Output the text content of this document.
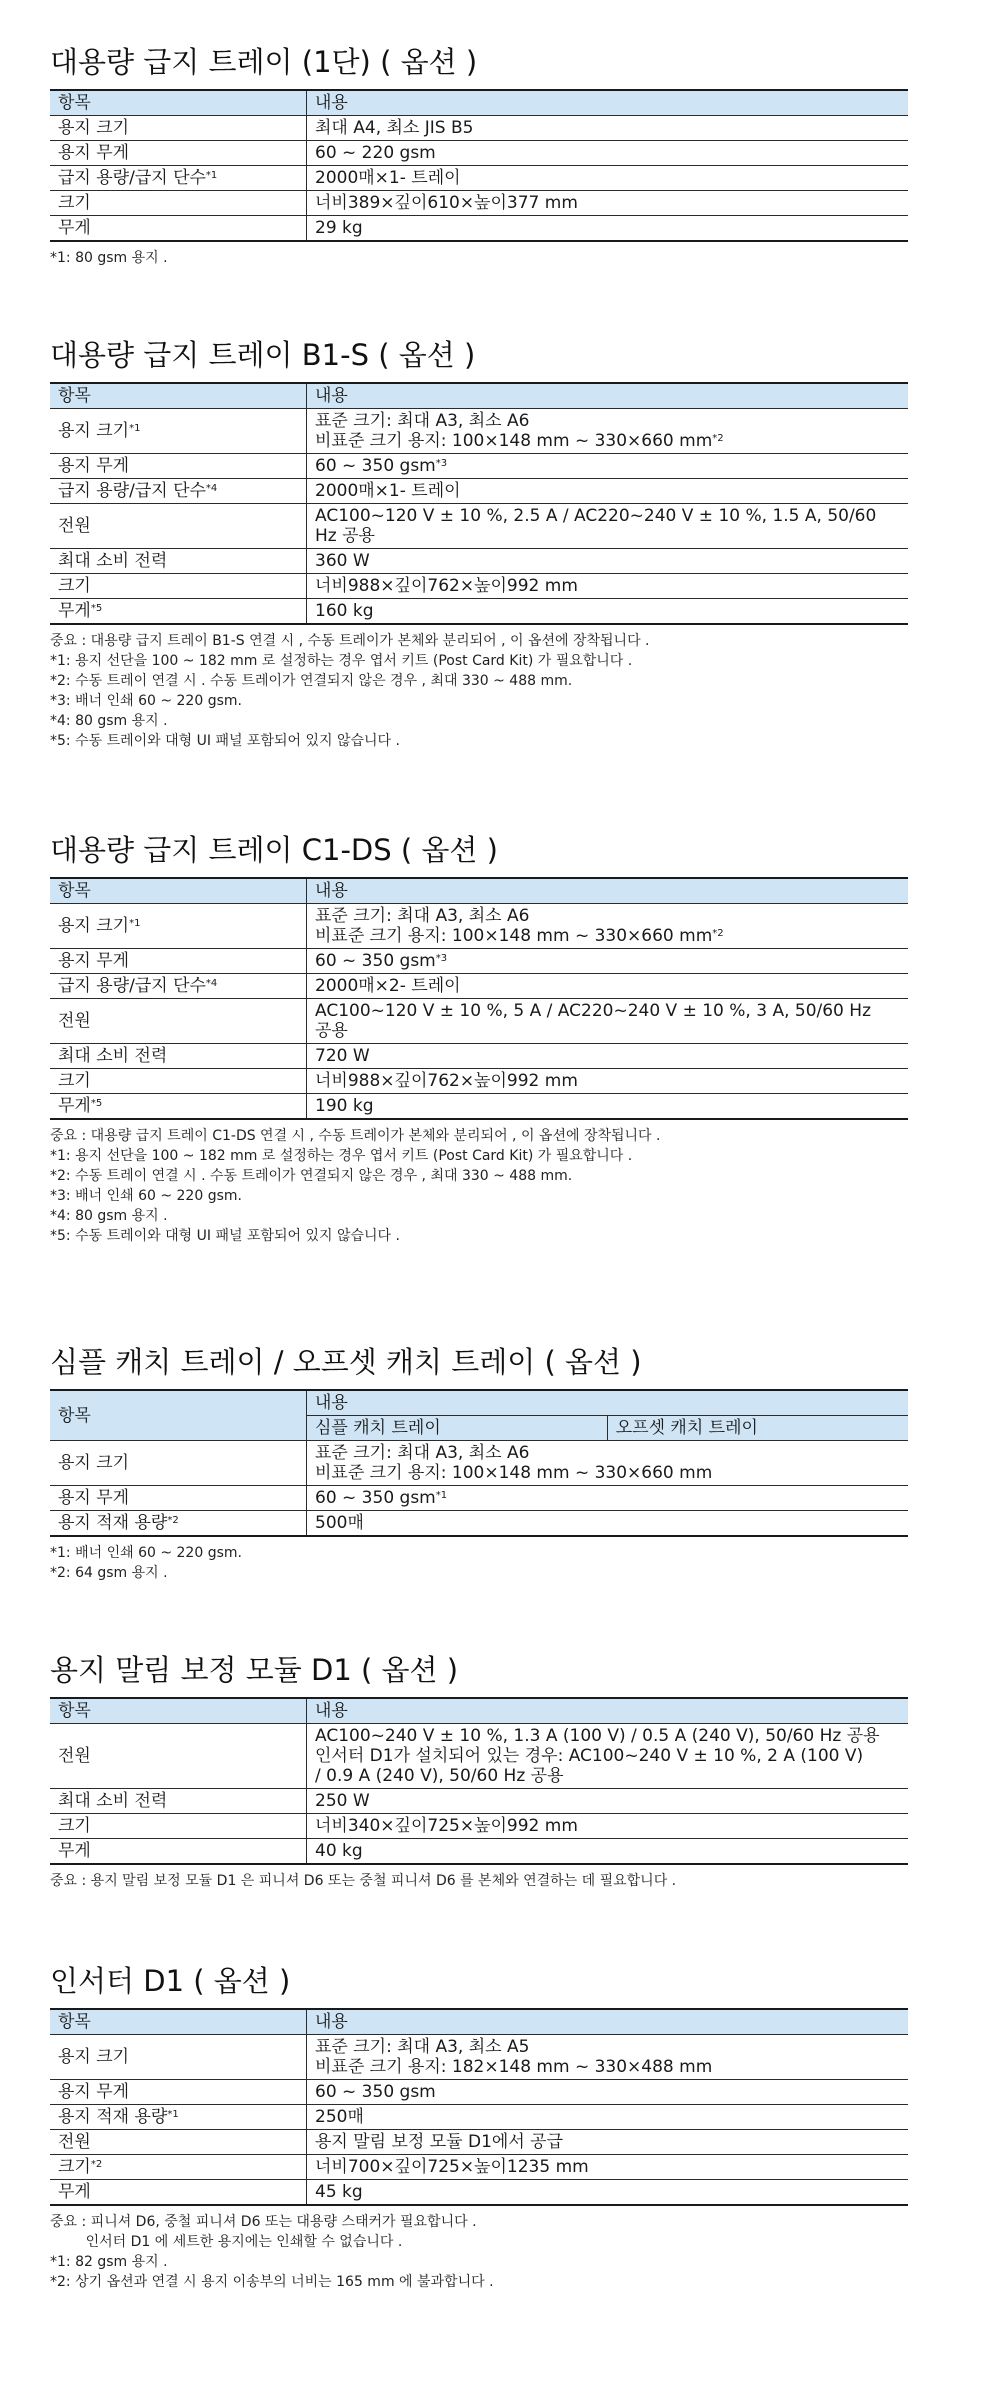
대용량 급지 트레이 (1단) ( 옵션 )
항목	내용
용지 크기	최대 A4, 최소 JIS B5
용지 무게	60 ~ 220 gsm
급지 용량/급지 단수$^{*1}$	2000매×1- 트레이
크기	너비389×깊이610×높이377 mm
무게	29 kg
*1: 80 gsm 용지 .
대용량 급지 트레이 B1-S ( 옵션 )
항목	내용
용지 크기$^{*1}$	표준 크기: 최대 A3, 최소 A6
비표준 크기 용지: 100×148 mm ~ 330×660 $mm^{*2}$

용지 무게	60 ~ 350 gsm$^{*3}$
급지 용량/급지 단수$^{*4}$	2000매×1- 트레이
전원	AC100~120 V ± 10 %, 2.5 A / AC220~240 V ± 10 %, 1.5 A, 50/60
Hz 공용

최대 소비 전력	360 W
크기	너비988×깊이762×높이992 mm
무게$^{*5}$	160 kg
중요 : 대용량 급지 트레이 B1-S 연결 시 , 수동 트레이가 본체와 분리되어 , 이 옵션에 장착됩니다 .
*1: 용지 선단을 100 ~ 182 mm 로 설정하는 경우 엽서 키트 (Post Card Kit) 가 필요합니다 .
*2: 수동 트레이 연결 시 . 수동 트레이가 연결되지 않은 경우 , 최대 330 ~ 488 mm.
*3: 배너 인쇄 60 ~ 220 gsm.
*4: 80 gsm 용지 .
*5: 수동 트레이와 대형 UI 패널 포함되어 있지 않습니다 .
대용량 급지 트레이 C1-DS ( 옵션 )
항목	내용
용지 크기$^{*1}$	표준 크기: 최대 A3, 최소 A6
비표준 크기 용지: 100×148 mm ~ 330×660 $mm^{*2}$

용지 무게	60 ~ 350 gsm$^{*3}$
급지 용량/급지 단수$^{*4}$	2000매×2- 트레이
전원	AC100~120 V ± 10 %, 5 A / AC220~240 V ± 10 %, 3 A, 50/60 Hz
공용

최대 소비 전력	720 W
크기	너비988×깊이762×높이992 mm
무게$^{*5}$	190 kg
중요 : 대용량 급지 트레이 C1-DS 연결 시 , 수동 트레이가 본체와 분리되어 , 이 옵션에 장착됩니다 .
*1: 용지 선단을 100 ~ 182 mm 로 설정하는 경우 엽서 키트 (Post Card Kit) 가 필요합니다 .
*2: 수동 트레이 연결 시 . 수동 트레이가 연결되지 않은 경우 , 최대 330 ~ 488 mm.
*3: 배너 인쇄 60 ~ 220 gsm.
*4: 80 gsm 용지 .
*5: 수동 트레이와 대형 UI 패널 포함되어 있지 않습니다 .
심플 캐치 트레이 / 오프셋 캐치 트레이 ( 옵션 )
항목	내용	
	심플 캐치 트레이	오프셋 캐치 트레이
용지 크기	표준 크기: 최대 A3, 최소 A6
비표준 크기 용지: 100×148 mm ~ 330×660 mm	

용지 무게	60 ~ 350 gsm$^{*1}$
용지 적재 용량$^{*2}$	500매	
*1: 배너 인쇄 60 ~ 220 gsm.
*2: 64 gsm 용지 .
용지 말림 보정 모듈 D1 ( 옵션 )
항목	내용
전원	AC100~240 V ± 10 %, 1.3 A (100 V) / 0.5 A (240 V), 50/60 Hz 공용
인서터 D1가 설치되어 있는 경우: AC100~240 V ± 10 %, 2 A (100 V)
/ 0.9 A (240 V), 50/60 Hz 공용

최대 소비 전력	250 W
크기	너비340×깊이725×높이992 mm
무게	40 kg
중요 : 용지 말림 보정 모듈 D1 은 피니셔 D6 또는 중철 피니셔 D6 를 본체와 연결하는 데 필요합니다 .
인서터 D1 ( 옵션 )
항목	내용
용지 크기	표준 크기: 최대 A3, 최소 A5
비표준 크기 용지: 182×148 mm ~ 330×488 mm

용지 무게	60 ~ 350 gsm
용지 적재 용량$^{*1}$	250매
전원	용지 말림 보정 모듈 D1에서 공급
크기$^{*2}$	너비700×깊이725×높이1235 mm
무게	45 kg
중요 : 피니셔 D6, 중철 피니셔 D6 또는 대용량 스태커가 필요합니다 .
인서터 D1 에 세트한 용지에는 인쇄할 수 없습니다 .
*1: 82 gsm 용지 .
*2: 상기 옵션과 연결 시 용지 이송부의 너비는 165 mm 에 불과합니다 .
